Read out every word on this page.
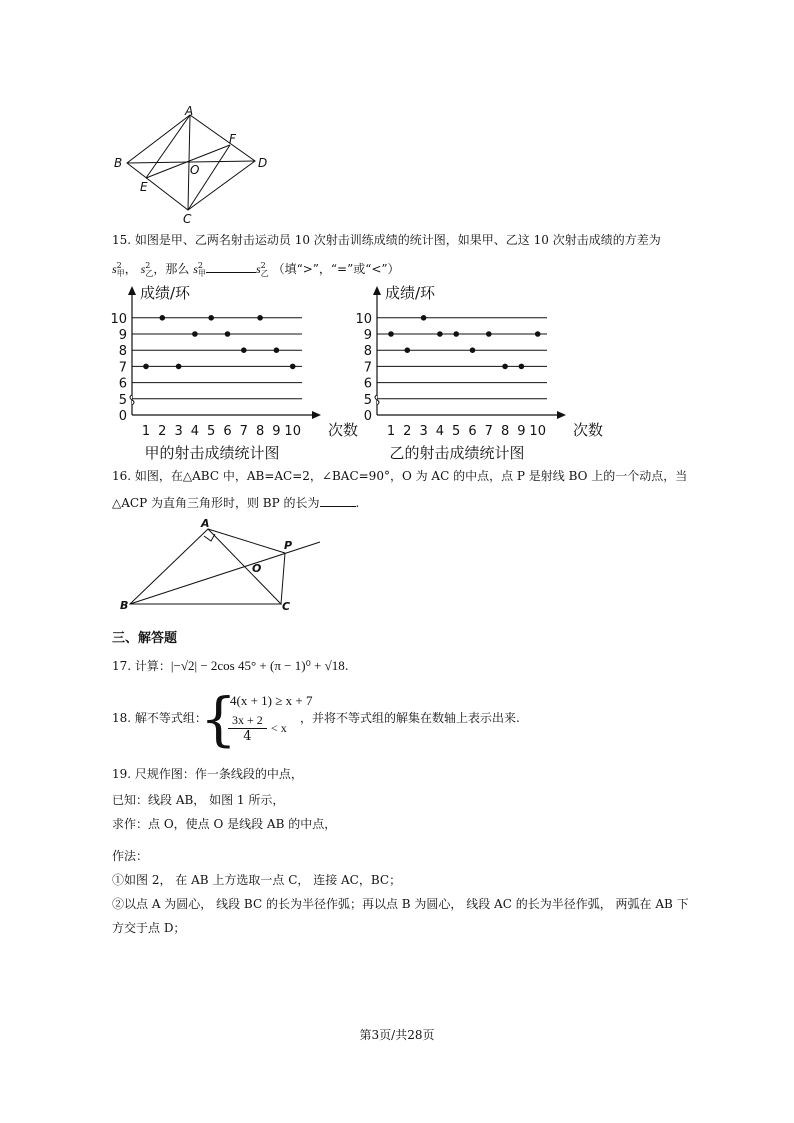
A
B
C
D
E
F
O
15. 如图是甲、乙两名射击运动员 10 次射击训练成绩的统计图，如果甲、乙这 10 次射击成绩的方差为
$s^2_甲$， $s^2_乙$，那么 $s^2_甲$	$s^2_乙$ （填“>”，“=”或“<”）
0
5
6
7
8
9
10
1 2 3 4 5 6 7 8 9 10
成绩/环
次数
甲的射击成绩统计图
0
5
6
7
8
9
10
1 2 3 4 5 6 7 8 9 10
成绩/环
次数
乙的射击成绩统计图
16. 如图，在△ABC 中，AB=AC=2，∠BAC=90°，O 为 AC 的中点，点 P 是射线 BO 上的一个动点，当
△ACP 为直角三角形时，则 BP 的长为	.
A
B	C
O
P
三、解答题
17. 计算：|−√2| − 2cos 45° + (π − 1)⁰ + √18.
18. 解不等式组：
{
4(x + 1) ≥ x + 7
$\frac{3x + 2}{4} < x$
，并将不等式组的解集在数轴上表示出来.
19. 尺规作图：作一条线段的中点，
已知：线段 AB， 如图 1 所示，
求作：点 O，使点 O 是线段 AB 的中点，
作法：
①如图 2， 在 AB 上方选取一点 C， 连接 AC，BC；
②以点 A 为圆心， 线段 BC 的长为半径作弧；再以点 B 为圆心， 线段 AC 的长为半径作弧， 两弧在 AB 下
方交于点 D；
第3页/共28页
